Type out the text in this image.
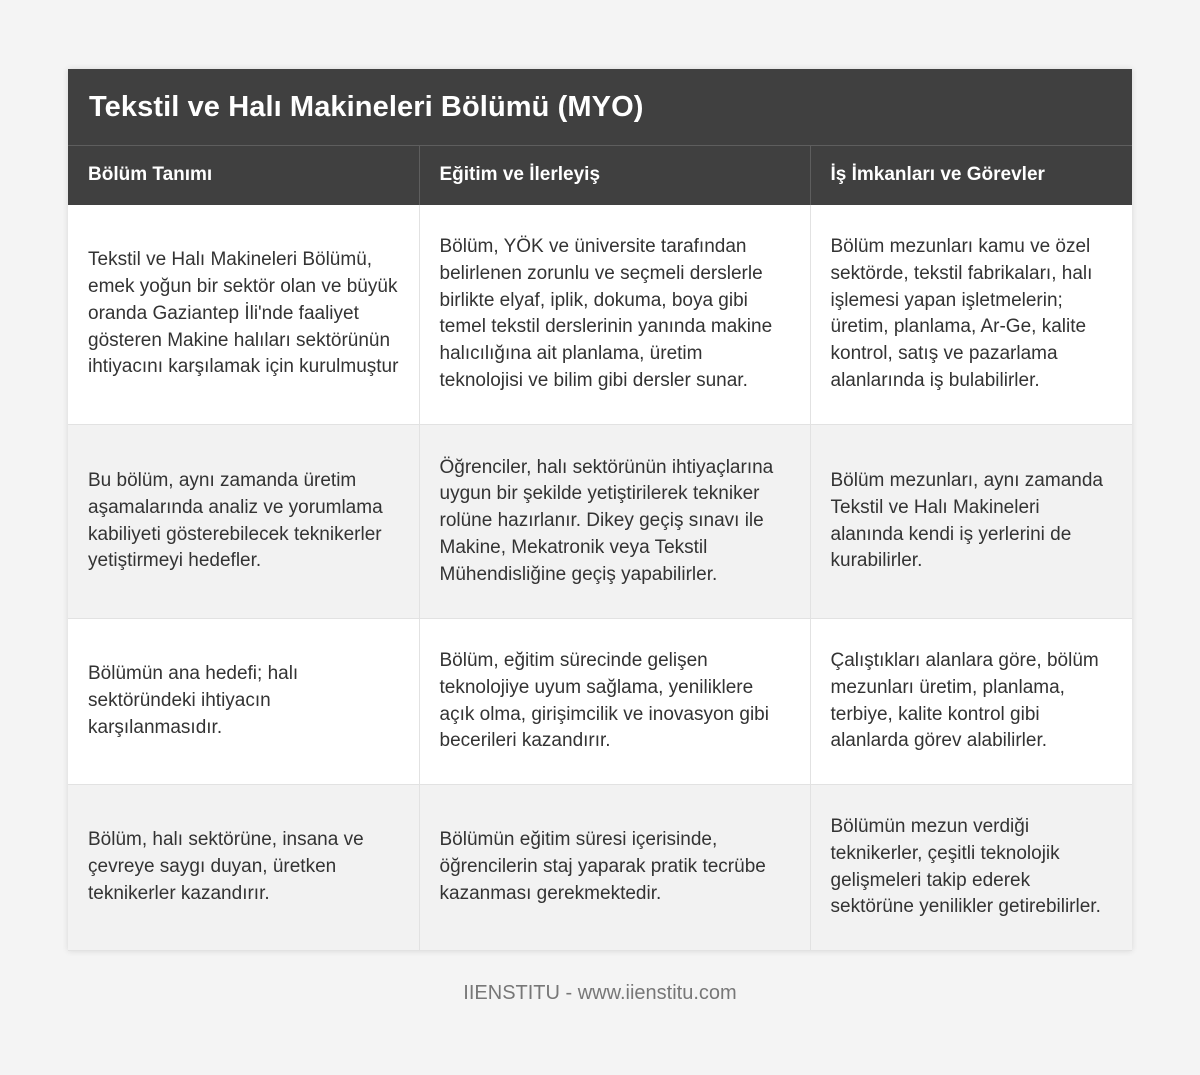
Tekstil ve Halı Makineleri Bölümü (MYO)
Bölüm Tanımı	Eğitim ve İlerleyiş	İş İmkanları ve Görevler
Tekstil ve Halı Makineleri Bölümü, emek yoğun bir sektör olan ve büyük oranda Gaziantep İli'nde faaliyet gösteren Makine halıları sektörünün ihtiyacını karşılamak için kurulmuştur	Bölüm, YÖK ve üniversite tarafından belirlenen zorunlu ve seçmeli derslerle birlikte elyaf, iplik, dokuma, boya gibi temel tekstil derslerinin yanında makine halıcılığına ait planlama, üretim teknolojisi ve bilim gibi dersler sunar.	Bölüm mezunları kamu ve özel sektörde, tekstil fabrikaları, halı işlemesi yapan işletmelerin; üretim, planlama, Ar-Ge, kalite kontrol, satış ve pazarlama alanlarında iş bulabilirler.
Bu bölüm, aynı zamanda üretim aşamalarında analiz ve yorumlama kabiliyeti gösterebilecek teknikerler yetiştirmeyi hedefler.	Öğrenciler, halı sektörünün ihtiyaçlarına uygun bir şekilde yetiştirilerek tekniker rolüne hazırlanır. Dikey geçiş sınavı ile Makine, Mekatronik veya Tekstil Mühendisliğine geçiş yapabilirler.	Bölüm mezunları, aynı zamanda Tekstil ve Halı Makineleri alanında kendi iş yerlerini de kurabilirler.
Bölümün ana hedefi; halı sektöründeki ihtiyacın karşılanmasıdır.	Bölüm, eğitim sürecinde gelişen teknolojiye uyum sağlama, yeniliklere açık olma, girişimcilik ve inovasyon gibi becerileri kazandırır.	Çalıştıkları alanlara göre, bölüm mezunları üretim, planlama, terbiye, kalite kontrol gibi alanlarda görev alabilirler.
Bölüm, halı sektörüne, insana ve çevreye saygı duyan, üretken teknikerler kazandırır.	Bölümün eğitim süresi içerisinde, öğrencilerin staj yaparak pratik tecrübe kazanması gerekmektedir.	Bölümün mezun verdiği teknikerler, çeşitli teknolojik gelişmeleri takip ederek sektörüne yenilikler getirebilirler.
IIENSTITU - www.iienstitu.com
